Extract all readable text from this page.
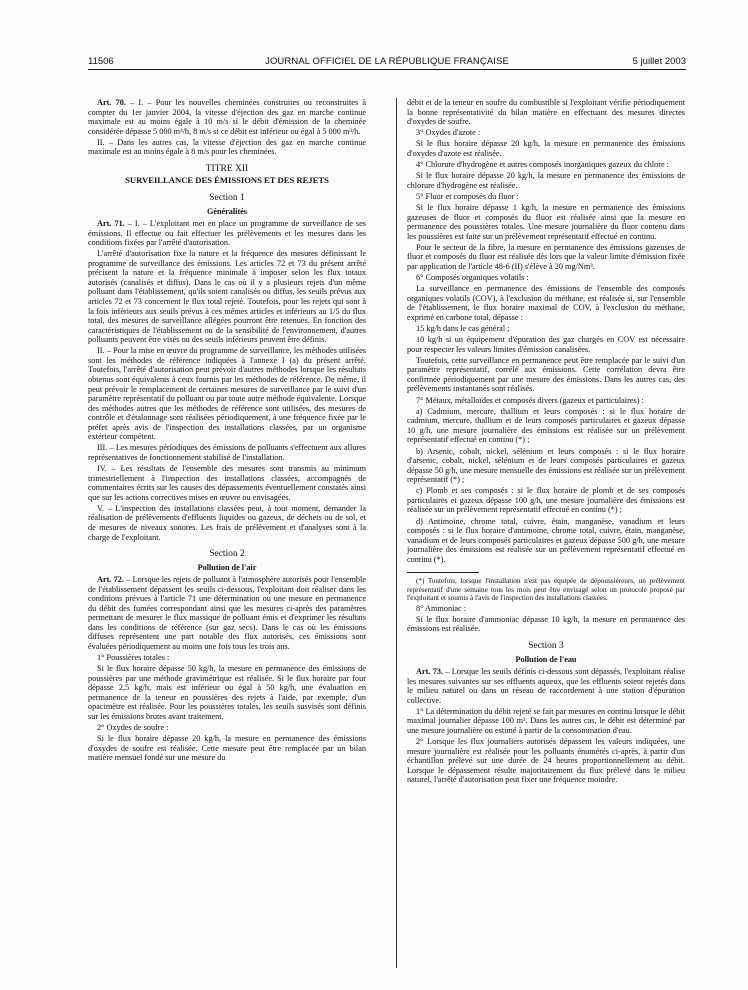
11506	JOURNAL OFFICIEL DE LA RÉPUBLIQUE FRANÇAISE	5 juillet 2003

Art. 70. – I. – Pour les nouvelles cheminées construites ou reconstruites à compter du 1er janvier 2004, la vitesse d'éjection des gaz en marche continue maximale est au moins égale à 10 m/s si le débit d'émission de la cheminée considérée dépasse 5 000 m³/h, 8 m/s si ce débit est inférieur ou égal à 5 000 m³/h.

II. – Dans les autres cas, la vitesse d'éjection des gaz en marche continue maximale est au moins égale à 8 m/s pour les cheminées.

TITRE XII

SURVEILLANCE DES ÉMISSIONS ET DES REJETS

Section 1

Généralités

Art. 71. – I. – L'exploitant met en place un programme de surveillance de ses émissions. Il effectue ou fait effectuer les prélèvements et les mesures dans les conditions fixées par l'arrêté d'autorisation.

L'arrêté d'autorisation fixe la nature et la fréquence des mesures définissant le programme de surveillance des émissions. Les articles 72 et 73 du présent arrêté précisent la nature et la fréquence minimale à imposer selon les flux totaux autorisés (canalisés et diffus). Dans le cas où il y a plusieurs rejets d'un même polluant dans l'établissement, qu'ils soient canalisés ou diffus, les seuils prévus aux articles 72 et 73 concernent le flux total rejeté. Toutefois, pour les rejets qui sont à la fois inférieurs aux seuils prévus à ces mêmes articles et inférieurs au 1/5 du flux total, des mesures de surveillance allégées pourront être retenues. En fonction des caractéristiques de l'établissement ou de la sensibilité de l'environnement, d'autres polluants peuvent être visés ou des seuils inférieurs peuvent être définis.

II. – Pour la mise en œuvre du programme de surveillance, les méthodes utilisées sont les méthodes de référence indiquées à l'annexe I (a) du présent arrêté. Toutefois, l'arrêté d'autorisation peut prévoir d'autres méthodes lorsque les résultats obtenus sont équivalents à ceux fournis par les méthodes de référence. De même, il peut prévoir le remplacement de certaines mesures de surveillance par le suivi d'un paramètre représentatif du polluant ou par toute autre méthode équivalente. Lorsque des méthodes autres que les méthodes de référence sont utilisées, des mesures de contrôle et d'étalonnage sont réalisées périodiquement, à une fréquence fixée par le préfet après avis de l'inspection des installations classées, par un organisme extérieur compétent.

III. – Les mesures périodiques des émissions de polluants s'effectuent aux allures représentatives de fonctionnement stabilisé de l'installation.

IV. – Les résultats de l'ensemble des mesures sont transmis au minimum trimestriellement à l'inspection des installations classées, accompagnés de commentaires écrits sur les causes des dépassements éventuellement constatés ainsi que sur les actions correctives mises en œuvre ou envisagées.

V. – L'inspection des installations classées peut, à tout moment, demander la réalisation de prélèvements d'effluents liquides ou gazeux, de déchets ou de sol, et de mesures de niveaux sonores. Les frais de prélèvement et d'analyses sont à la charge de l'exploitant.

Section 2

Pollution de l'air

Art. 72. – Lorsque les rejets de polluant à l'atmosphère autorisés pour l'ensemble de l'établissement dépassent les seuils ci-dessous, l'exploitant doit réaliser dans les conditions prévues à l'article 71 une détermination ou une mesure en permanence du débit des fumées correspondant ainsi que les mesures ci-après des paramètres permettant de mesurer le flux massique de polluant émis et d'exprimer les résultats dans les conditions de référence (sur gaz secs). Dans le cas où les émissions diffuses représentent une part notable des flux autorisés, ces émissions sont évaluées périodiquement au moins une fois tous les trois ans.

1° Poussières totales :

Si le flux horaire dépasse 50 kg/h, la mesure en permanence des émissions de poussières par une méthode gravimétrique est réalisée. Si le flux horaire par four dépasse 2,5 kg/h, mais est inférieur ou égal à 50 kg/h, une évaluation en permanence de la teneur en poussières des rejets à l'aide, par exemple, d'un opacimètre est réalisée. Pour les poussières totales, les seuils susvisés sont définis sur les émissions brutes avant traitement.

2° Oxydes de soufre :

Si le flux horaire dépasse 20 kg/h, la mesure en permanence des émissions d'oxydes de soufre est réalisée. Cette mesure peut être remplacée par un bilan matière mensuel fondé sur une mesure du

débit et de la teneur en soufre du combustible si l'exploitant vérifie périodiquement la bonne représentativité du bilan matière en effectuant des mesures directes d'oxydes de soufre.

3° Oxydes d'azote :

Si le flux horaire dépasse 20 kg/h, la mesure en permanence des émissions d'oxydes d'azote est réalisée.

4° Chlorure d'hydrogène et autres composés inorganiques gazeux du chlore :

Si le flux horaire dépasse 20 kg/h, la mesure en permanence des émissions de chlorure d'hydrogène est réalisée.

5° Fluor et composés du fluor :

Si le flux horaire dépasse 1 kg/h, la mesure en permanence des émissions gazeuses de fluor et composés du fluor est réalisée ainsi que la mesure en permanence des poussières totales. Une mesure journalière du fluor contenu dans les poussières est faite sur un prélèvement représentatif effectué en continu.

Pour le secteur de la fibre, la mesure en permanence des émissions gazeuses de fluor et composés du fluor est réalisée dès lors que la valeur limite d'émission fixée par application de l'article 48-6 (II) s'élève à 20 mg/Nm³.

6° Composés organiques volatils :

La surveillance en permanence des émissions de l'ensemble des composés organiques volatils (COV), à l'exclusion du méthane, est réalisée si, sur l'ensemble de l'établissement, le flux horaire maximal de COV, à l'exclusion du méthane, exprimé en carbone total, dépasse :

15 kg/h dans le cas général ;

10 kg/h si un équipement d'épuration des gaz chargés en COV est nécessaire pour respecter les valeurs limites d'émission canalisées.

Toutefois, cette surveillance en permanence peut être remplacée par le suivi d'un paramètre représentatif, corrélé aux émissions. Cette corrélation devra être confirmée périodiquement par une mesure des émissions. Dans les autres cas, des prélèvements instantanés sont réalisés.

7° Métaux, métalloïdes et composés divers (gazeux et particulaires) :

a) Cadmium, mercure, thallium et leurs composés : si le flux horaire de cadmium, mercure, thallium et de leurs composés particulaires et gazeux dépasse 10 g/h, une mesure journalière des émissions est réalisée sur un prélèvement représentatif effectué en continu (*) ;

b) Arsenic, cobalt, nickel, sélénium et leurs composés : si le flux horaire d'arsenic, cobalt, nickel, sélénium et de leurs composés particulaires et gazeux dépasse 50 g/h, une mesure mensuelle des émissions est réalisée sur un prélèvement représentatif (*) ;

c) Plomb et ses composés : si le flux horaire de plomb et de ses composés particulaires et gazeux dépasse 100 g/h, une mesure journalière des émissions est réalisée sur un prélèvement représentatif effectué en continu (*) ;

d) Antimoine, chrome total, cuivre, étain, manganèse, vanadium et leurs composés : si le flux horaire d'antimoine, chrome total, cuivre, étain, manganèse, vanadium et de leurs composés particulaires et gazeux dépasse 500 g/h, une mesure journalière des émissions est réalisée sur un prélèvement représentatif effectué en continu (*).

(*) Toutefois, lorsque l'installation n'est pas équipée de dépoussiéreurs, un prélèvement représentatif d'une semaine tous les mois peut être envisagé selon un protocole proposé par l'exploitant et soumis à l'avis de l'inspection des installations classées.

8° Ammoniac :

Si le flux horaire d'ammoniac dépasse 10 kg/h, la mesure en permanence des émissions est réalisée.

Section 3

Pollution de l'eau

Art. 73. – Lorsque les seuils définis ci-dessous sont dépassés, l'exploitant réalise les mesures suivantes sur ses effluents aqueux, que les effluents soient rejetés dans le milieu naturel ou dans un réseau de raccordement à une station d'épuration collective.

1° La détermination du débit rejeté se fait par mesures en continu lorsque le débit maximal journalier dépasse 100 m³. Dans les autres cas, le débit est déterminé par une mesure journalière ou estimé à partir de la consommation d'eau.

2° Lorsque les flux journaliers autorisés dépassent les valeurs indiquées, une mesure journalière est réalisée pour les polluants énumérés ci-après, à partir d'un échantillon prélevé sur une durée de 24 heures proportionnellement au débit. Lorsque le dépassement résulte majoritairement du flux prélevé dans le milieu naturel, l'arrêté d'autorisation peut fixer une fréquence moindre.
